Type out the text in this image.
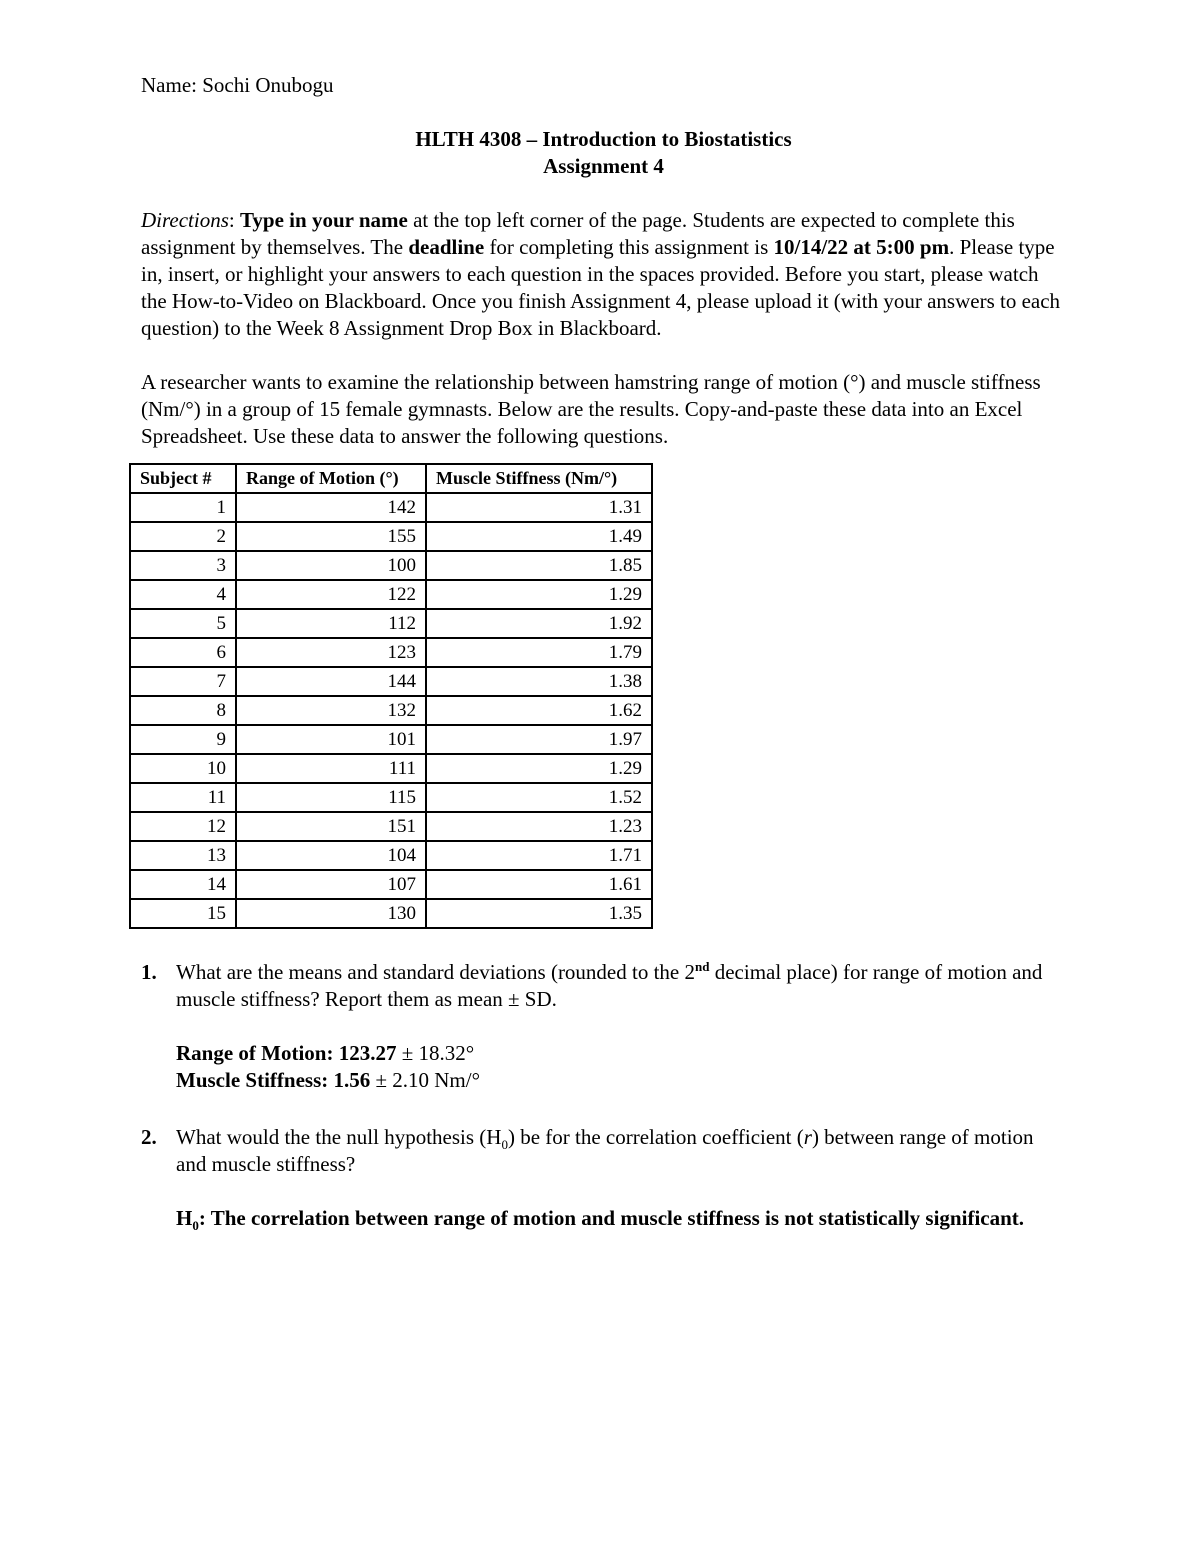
Name: Sochi Onubogu

HLTH 4308 – Introduction to Biostatistics

Assignment 4

Directions: Type in your name at the top left corner of the page. Students are expected to complete this assignment by themselves. The deadline for completing this assignment is 10/14/22 at 5:00 pm. Please type in, insert, or highlight your answers to each question in the spaces provided. Before you start, please watch the How-to-Video on Blackboard. Once you finish Assignment 4, please upload it (with your answers to each question) to the Week 8 Assignment Drop Box in Blackboard.

A researcher wants to examine the relationship between hamstring range of motion (°) and muscle stiffness (Nm/°) in a group of 15 female gymnasts. Below are the results. Copy-and-paste these data into an Excel Spreadsheet. Use these data to answer the following questions.

Subject #	Range of Motion (°)	Muscle Stiffness (Nm/°)
1	142	1.31
2	155	1.49
3	100	1.85
4	122	1.29
5	112	1.92
6	123	1.79
7	144	1.38
8	132	1.62
9	101	1.97
10	111	1.29
11	115	1.52
12	151	1.23
13	104	1.71
14	107	1.61
15	130	1.35
1. What are the means and standard deviations (rounded to the 2nd decimal place) for range of motion and muscle stiffness? Report them as mean ± SD.

Range of Motion: 123.27 ± 18.32°

Muscle Stiffness: 1.56 ± 2.10 Nm/°

2. What would the the null hypothesis $(H_0)$ be for the correlation coefficient (r) between range of motion and muscle stiffness?

$H_0$: The correlation between range of motion and muscle stiffness is not statistically significant.
